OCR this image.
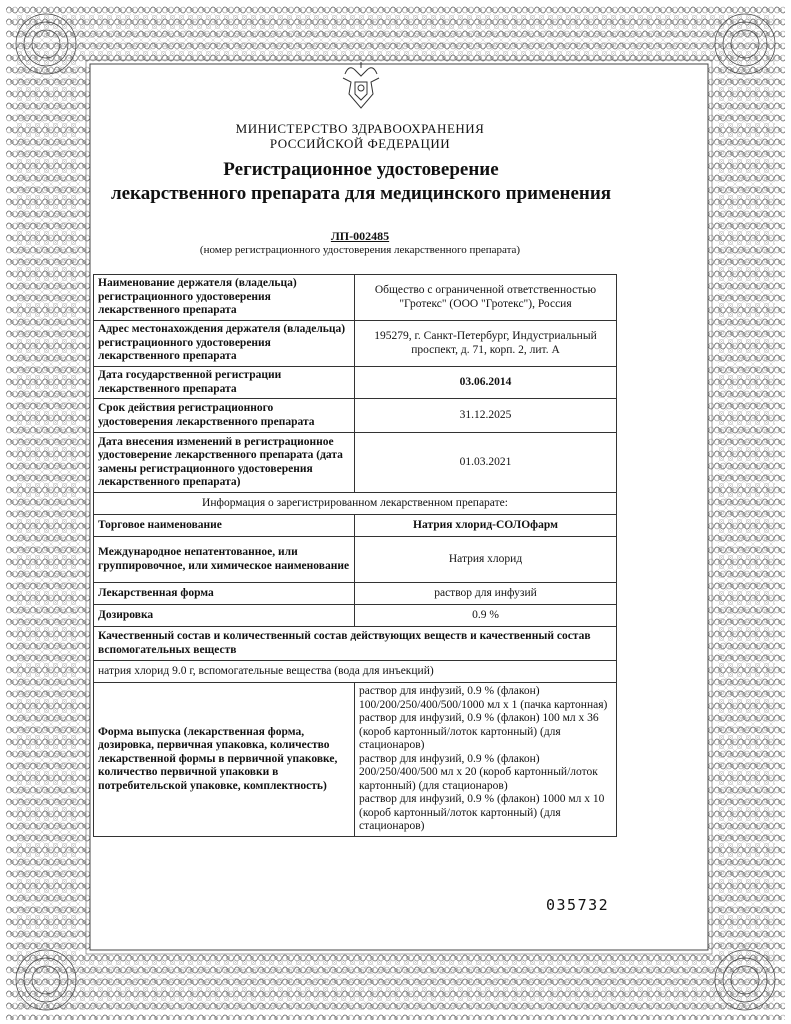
МИНИСТЕРСТВО ЗДРАВООХРАНЕНИЯ
РОССИЙСКОЙ ФЕДЕРАЦИИ
Регистрационное удостоверение
лекарственного препарата для медицинского применения
ЛП-002485
(номер регистрационного удостоверения лекарственного препарата)
Наименование держателя (владельца) регистрационного удостоверения лекарственного препарата	Общество с ограниченной ответственностью "Гротекс" (ООО "Гротекс"), Россия
Адрес местонахождения держателя (владельца) регистрационного удостоверения лекарственного препарата	195279, г. Санкт-Петербург, Индустриальный проспект, д. 71, корп. 2, лит. А
Дата государственной регистрации лекарственного препарата	03.06.2014
Срок действия регистрационного удостоверения лекарственного препарата	31.12.2025
Дата внесения изменений в регистрационное удостоверение лекарственного препарата (дата замены регистрационного удостоверения лекарственного препарата)	01.03.2021
Информация о зарегистрированном лекарственном препарате:	
Торговое наименование	Натрия хлорид-СОЛОфарм
Международное непатентованное, или группировочное, или химическое наименование	Натрия хлорид
Лекарственная форма	раствор для инфузий
Дозировка	0.9 %
Качественный состав и количественный состав действующих веществ и качественный состав вспомогательных веществ	
натрия хлорид 9.0 г, вспомогательные вещества (вода для инъекций)	
Форма выпуска (лекарственная форма, дозировка, первичная упаковка, количество лекарственной формы в первичной упаковке, количество первичной упаковки в потребительской упаковке, комплектность)	раствор для инфузий, 0.9 % (флакон) 100/200/250/400/500/1000 мл x 1 (пачка картонная)
раствор для инфузий, 0.9 % (флакон) 100 мл x 36 (короб картонный/лоток картонный) (для стационаров)
раствор для инфузий, 0.9 % (флакон) 200/250/400/500 мл x 20 (короб картонный/лоток картонный) (для стационаров)
раствор для инфузий, 0.9 % (флакон) 1000 мл x 10 (короб картонный/лоток картонный) (для стационаров)
035732
